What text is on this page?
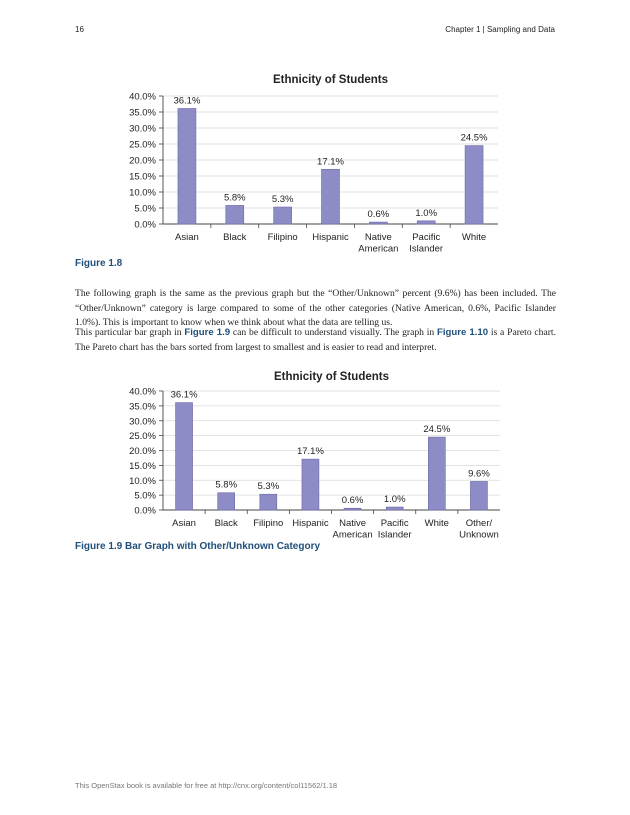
16	Chapter 1 | Sampling and Data
Ethnicity of Students
0.0%
5.0%
10.0%
15.0%
20.0%
25.0%
30.0%
35.0%
40.0% 36.1%
Asian
5.8%
Black
5.3%
Filipino
17.1%
Hispanic
0.6%
Native
American
1.0%
Pacific
Islander
24.5%
White
Figure 1.8

The following graph is the same as the previous graph but the “Other/Unknown” percent (9.6%) has been included. The “Other/Unknown” category is large compared to some of the other categories (Native American, 0.6%, Pacific Islander 1.0%). This is important to know when we think about what the data are telling us.

This particular bar graph in Figure 1.9 can be difficult to understand visually. The graph in Figure 1.10 is a Pareto chart. The Pareto chart has the bars sorted from largest to smallest and is easier to read and interpret.

Ethnicity of Students
0.0%
5.0%
10.0%
15.0%
20.0%
25.0%
30.0%
35.0%
40.0% 36.1%
Asian
5.8%
Black
5.3%
Filipino
17.1%
Hispanic
0.6%
Native
American
1.0%
Pacific
Islander
24.5%
White
9.6%
Other/
Unknown
Figure 1.9 Bar Graph with Other/Unknown Category
This OpenStax book is available for free at http://cnx.org/content/col11562/1.18
